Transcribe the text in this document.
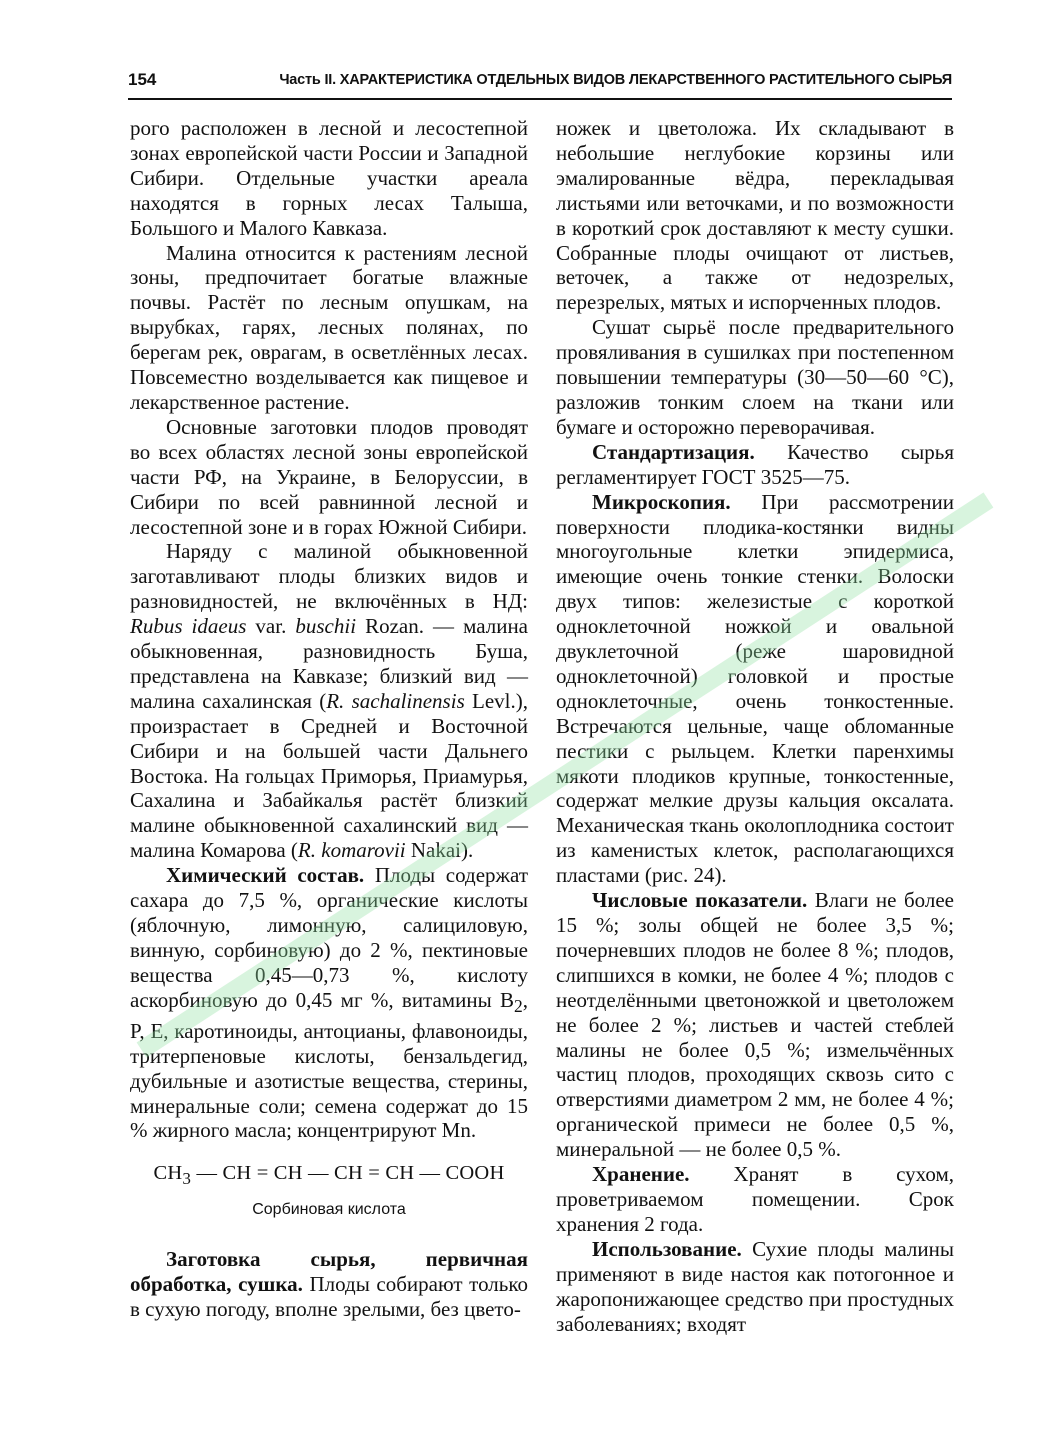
154	Часть II. ХАРАКТЕРИСТИКА ОТДЕЛЬНЫХ ВИДОВ ЛЕКАРСТВЕННОГО РАСТИТЕЛЬНОГО СЫРЬЯ

рого расположен в лесной и лесостепной зонах европейской части России и Западной Сибири. Отдельные участки ареала находятся в горных лесах Талыша, Большого и Малого Кавказа.

Малина относится к растениям лесной зоны, предпочитает богатые влажные почвы. Растёт по лесным опушкам, на вырубках, гарях, лесных полянах, по берегам рек, оврагам, в осветлённых лесах. Повсеместно возделывается как пищевое и лекарственное растение.

Основные заготовки плодов проводят во всех областях лесной зоны европейской части РФ, на Украине, в Белоруссии, в Сибири по всей равнинной лесной и лесостепной зоне и в горах Южной Сибири.

Наряду с малиной обыкновенной заготавливают плоды близких видов и разновидностей, не включённых в НД: Rubus idaeus var. buschii Rozan. — малина обыкновенная, разновидность Буша, представлена на Кавказе; близкий вид — малина сахалинская (R. sachalinensis Levl.), произрастает в Средней и Восточной Сибири и на большей части Дальнего Востока. На гольцах Приморья, Приамурья, Сахалина и Забайкалья растёт близкий малине обыкновенной сахалинский вид — малина Комарова (R. komarovii Nakai).

Химический состав. Плоды содержат сахара до 7,5 %, органические кислоты (яблочную, лимонную, салициловую, винную, сорбиновую) до 2 %, пектиновые вещества 0,45—0,73 %, кислоту аскорбиновую до 0,45 мг %, витамины $B_2$, P, E, каротиноиды, антоцианы, флавоноиды, тритерпеновые кислоты, бензальдегид, дубильные и азотистые вещества, стерины, минеральные соли; семена содержат до 15 % жирного масла; концентрируют Mn.

$CH_3$ — CH = CH — CH = CH — COOH
Сорбиновая кислота

Заготовка сырья, первичная обработка, сушка. Плоды собирают только в сухую погоду, вполне зрелыми, без цвето-

ножек и цветоложа. Их складывают в небольшие неглубокие корзины или эмалированные вёдра, перекладывая листьями или веточками, и по возможности в короткий срок доставляют к месту сушки. Собранные плоды очищают от листьев, веточек, а также от недозрелых, перезрелых, мятых и испорченных плодов.

Сушат сырьё после предварительного провяливания в сушилках при постепенном повышении температуры (30—50—60 °С), разложив тонким слоем на ткани или бумаге и осторожно переворачивая.

Стандартизация. Качество сырья регламентирует ГОСТ 3525—75.

Микроскопия. При рассмотрении поверхности плодика-костянки видны многоугольные клетки эпидермиса, имеющие очень тонкие стенки. Волоски двух типов: железистые с короткой одноклеточной ножкой и овальной двуклеточной (реже шаровидной одноклеточной) головкой и простые одноклеточные, очень тонкостенные. Встречаются цельные, чаще обломанные пестики с рыльцем. Клетки паренхимы мякоти плодиков крупные, тонкостенные, содержат мелкие друзы кальция оксалата. Механическая ткань околоплодника состоит из каменистых клеток, располагающихся пластами (рис. 24).

Числовые показатели. Влаги не более 15 %; золы общей не более 3,5 %; почерневших плодов не более 8 %; плодов, слипшихся в комки, не более 4 %; плодов с неотделёнными цветоножкой и цветоложем не более 2 %; листьев и частей стеблей малины не более 0,5 %; измельчённых частиц плодов, проходящих сквозь сито с отверстиями диаметром 2 мм, не более 4 %; органической примеси не более 0,5 %, минеральной — не более 0,5 %.

Хранение. Хранят в сухом, проветриваемом помещении. Срок хранения 2 года.

Использование. Сухие плоды малины применяют в виде настоя как потогонное и жаропонижающее средство при простудных заболеваниях; входят
